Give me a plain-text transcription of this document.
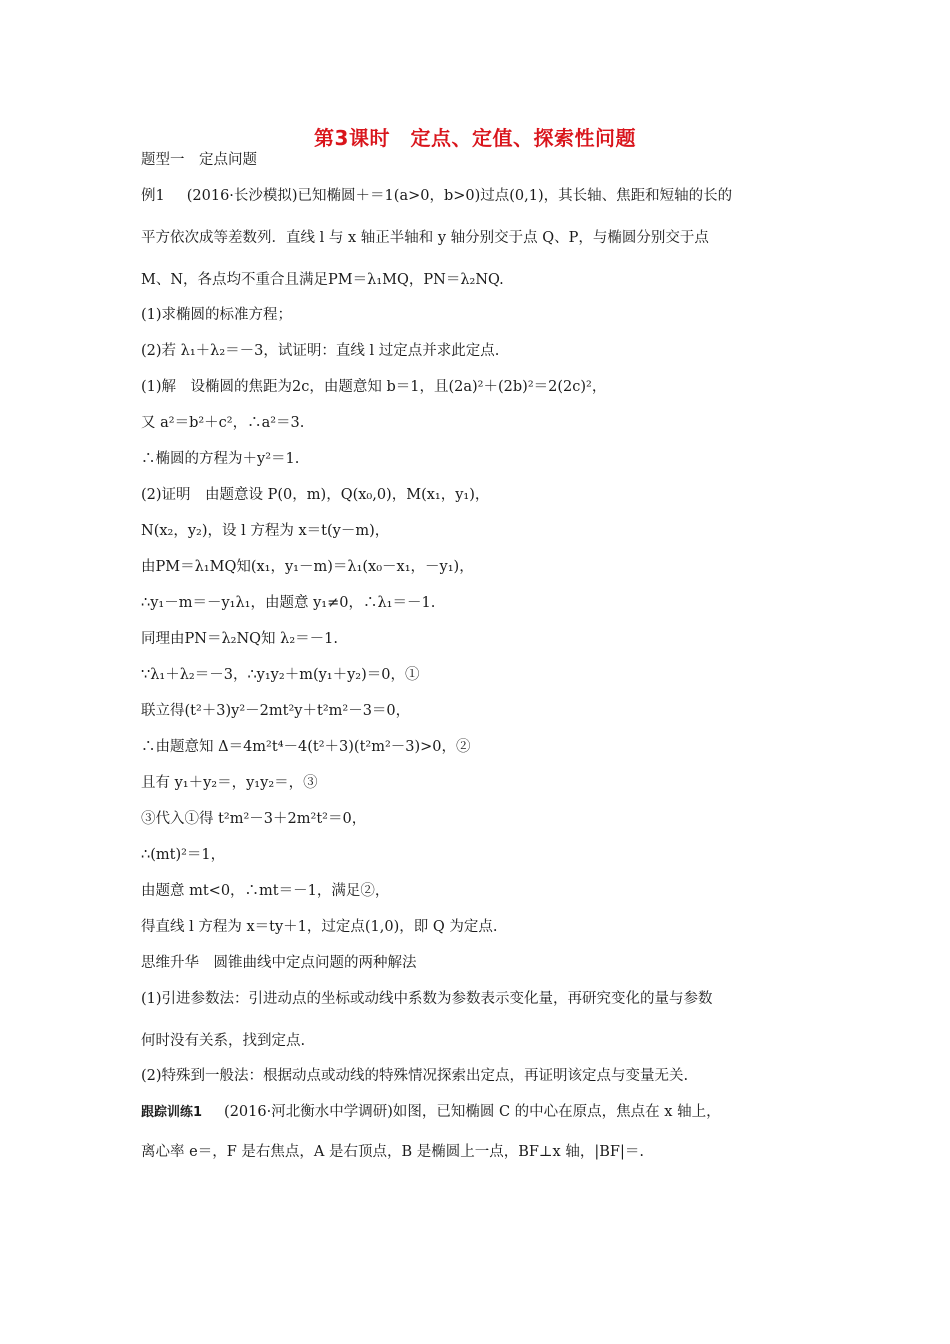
第3课时　定点、定值、探索性问题
题型一　定点问题
例1 (2016·长沙模拟)已知椭圆＋＝1(a>0，b>0)过点(0,1)，其长轴、焦距和短轴的长的
平方依次成等差数列．直线 l 与 x 轴正半轴和 y 轴分别交于点 Q、P，与椭圆分别交于点
M、N，各点均不重合且满足PM＝λ₁MQ，PN＝λ₂NQ.
(1)求椭圆的标准方程；
(2)若 λ₁＋λ₂＝－3，试证明：直线 l 过定点并求此定点.
(1)解　设椭圆的焦距为2c，由题意知 b＝1，且(2a)²＋(2b)²＝2(2c)²，
又 a²＝b²＋c²，∴a²＝3.
∴椭圆的方程为＋y²＝1.
(2)证明　由题意设 P(0，m)，Q(x₀,0)，M(x₁，y₁)，
N(x₂，y₂)，设 l 方程为 x＝t(y－m)，
由PM＝λ₁MQ知(x₁，y₁－m)＝λ₁(x₀－x₁，－y₁)，
∴y₁－m＝－y₁λ₁，由题意 y₁≠0，∴λ₁＝－1.
同理由PN＝λ₂NQ知 λ₂＝－1.
∵λ₁＋λ₂＝－3，∴y₁y₂＋m(y₁＋y₂)＝0，①
联立得(t²＋3)y²－2mt²y＋t²m²－3＝0，
∴由题意知 Δ＝4m²t⁴－4(t²＋3)(t²m²－3)>0，②
且有 y₁＋y₂＝，y₁y₂＝，③
③代入①得 t²m²－3＋2m²t²＝0，
∴(mt)²＝1，
由题意 mt<0，∴mt＝－1，满足②，
得直线 l 方程为 x＝ty＋1，过定点(1,0)，即 Q 为定点.
思维升华　圆锥曲线中定点问题的两种解法
(1)引进参数法：引进动点的坐标或动线中系数为参数表示变化量，再研究变化的量与参数
何时没有关系，找到定点.
(2)特殊到一般法：根据动点或动线的特殊情况探索出定点，再证明该定点与变量无关.
跟踪训练1 (2016·河北衡水中学调研)如图，已知椭圆 C 的中心在原点，焦点在 x 轴上，
离心率 e＝，F 是右焦点，A 是右顶点，B 是椭圆上一点，BF⊥x 轴，|BF|＝.
